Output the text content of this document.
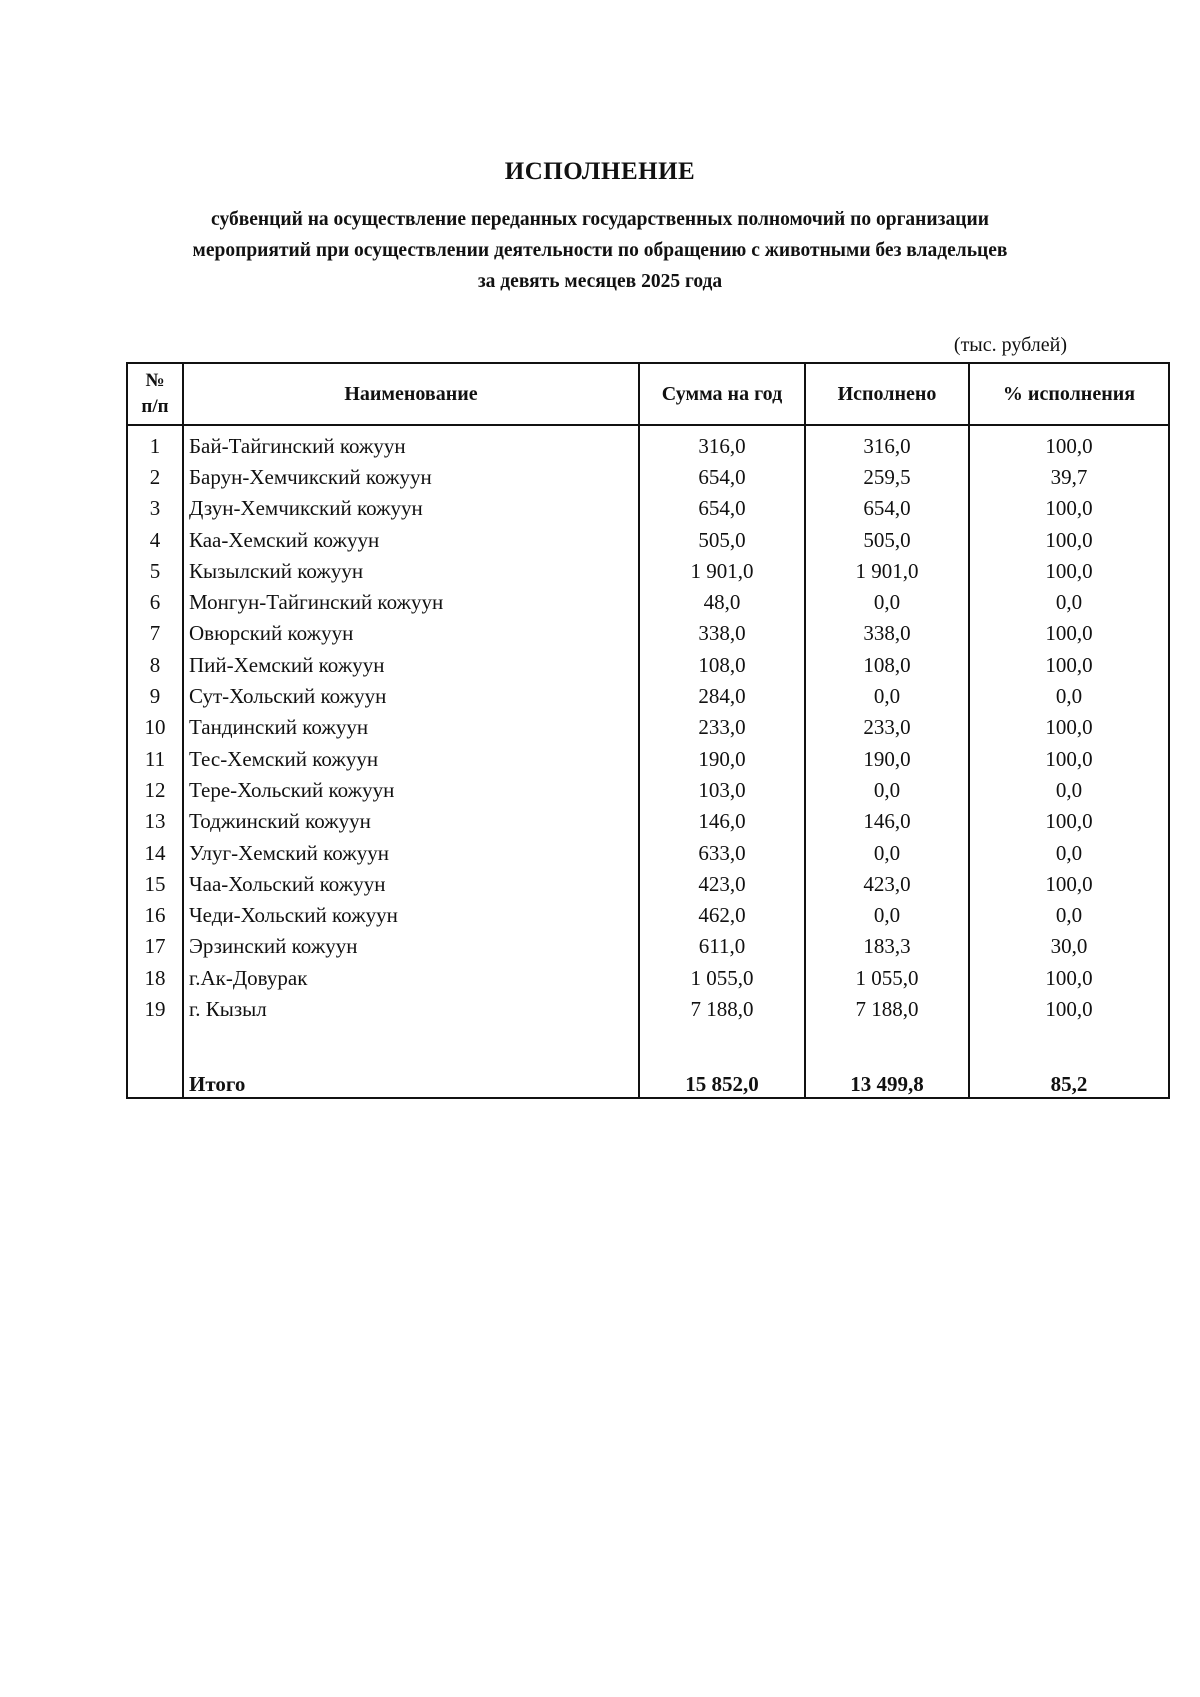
ИСПОЛНЕНИЕ
субвенций на осуществление переданных государственных полномочий по организации
мероприятий при осуществлении деятельности по обращению с животными без владельцев
за девять месяцев 2025 года
(тыс. рублей)
№
п/п	Наименование	Сумма на год	Исполнено	% исполнения
1	Бай-Тайгинский кожуун	316,0	316,0	100,0
2	Барун-Хемчикский кожуун	654,0	259,5	39,7
3	Дзун-Хемчикский кожуун	654,0	654,0	100,0
4	Каа-Хемский кожуун	505,0	505,0	100,0
5	Кызылский кожуун	1 901,0	1 901,0	100,0
6	Монгун-Тайгинский кожуун	48,0	0,0	0,0
7	Овюрский кожуун	338,0	338,0	100,0
8	Пий-Хемский кожуун	108,0	108,0	100,0
9	Сут-Хольский кожуун	284,0	0,0	0,0
10	Тандинский кожуун	233,0	233,0	100,0
11	Тес-Хемский кожуун	190,0	190,0	100,0
12	Тере-Хольский кожуун	103,0	0,0	0,0
13	Тоджинский кожуун	146,0	146,0	100,0
14	Улуг-Хемский кожуун	633,0	0,0	0,0
15	Чаа-Хольский кожуун	423,0	423,0	100,0
16	Чеди-Хольский кожуун	462,0	0,0	0,0
17	Эрзинский кожуун	611,0	183,3	30,0
18	г.Ак-Довурак	1 055,0	1 055,0	100,0
19	г. Кызыл	7 188,0	7 188,0	100,0

	Итого	15 852,0	13 499,8	85,2
